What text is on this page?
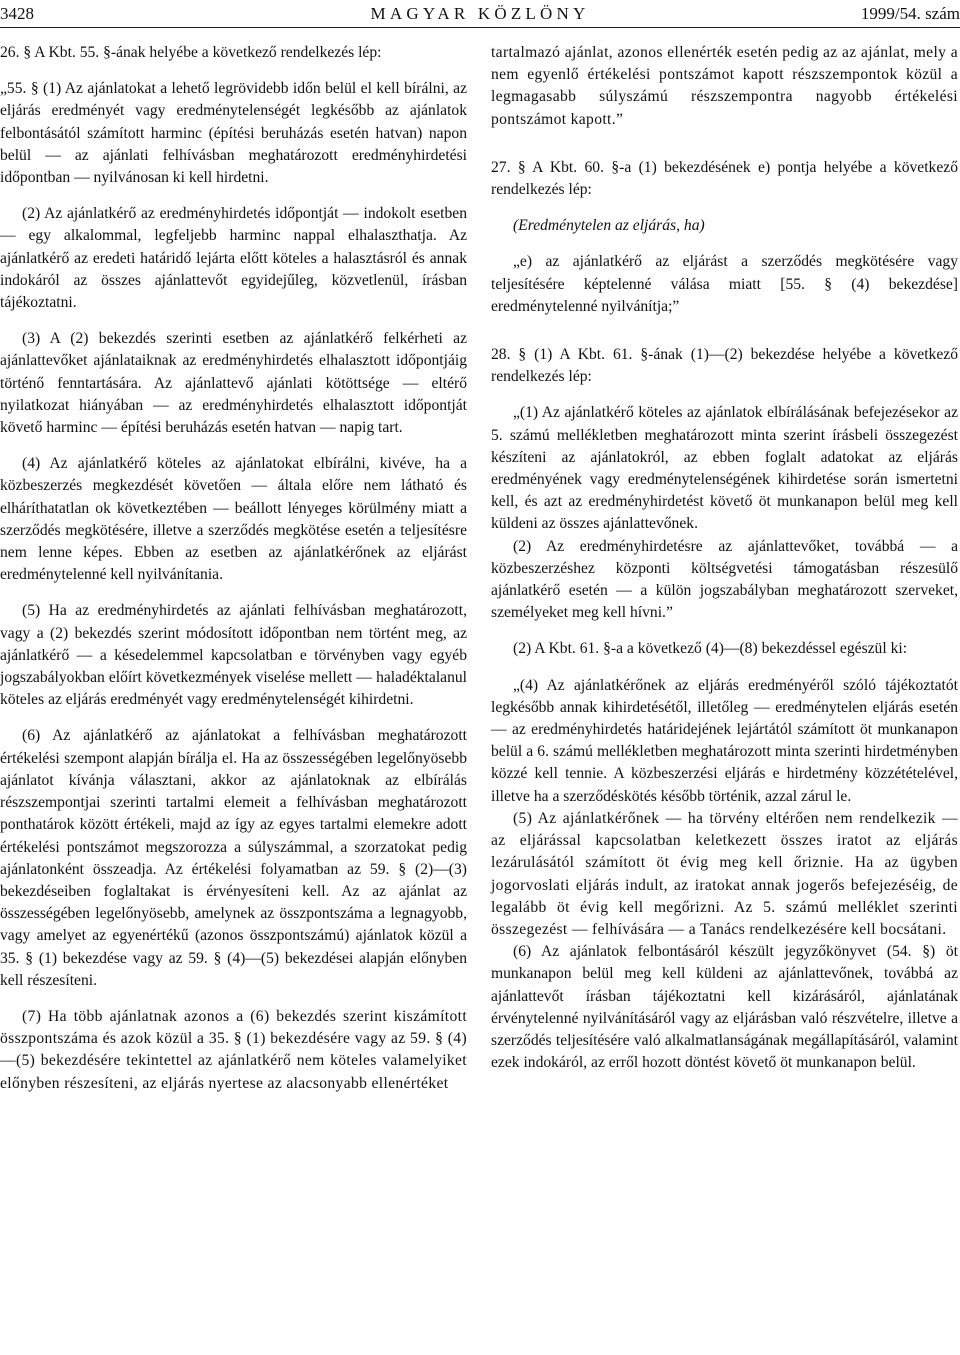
3428	MAGYAR KÖZLÖNY	1999/54. szám

26. § A Kbt. 55. §-ának helyébe a következő rendelkezés lép:

„55. § (1) Az ajánlatokat a lehető legrövidebb időn belül el kell bírálni, az eljárás eredményét vagy eredménytelenségét legkésőbb az ajánlatok felbontásától számított harminc (építési beruházás esetén hatvan) napon belül — az ajánlati felhívásban meghatározott eredményhirdetési időpontban — nyilvánosan ki kell hirdetni.

(2) Az ajánlatkérő az eredményhirdetés időpontját — indokolt esetben — egy alkalommal, legfeljebb harminc nappal elhalaszthatja. Az ajánlatkérő az eredeti határidő lejárta előtt köteles a halasztásról és annak indokáról az összes ajánlattevőt egyidejűleg, közvetlenül, írásban tájékoztatni.

(3) A (2) bekezdés szerinti esetben az ajánlatkérő felkérheti az ajánlattevőket ajánlataiknak az eredményhirdetés elhalasztott időpontjáig történő fenntartására. Az ajánlattevő ajánlati kötöttsége — eltérő nyilatkozat hiányában — az eredményhirdetés elhalasztott időpontját követő harminc — építési beruházás esetén hatvan — napig tart.

(4) Az ajánlatkérő köteles az ajánlatokat elbírálni, kivéve, ha a közbeszerzés megkezdését követően — általa előre nem látható és elháríthatatlan ok következtében — beállott lényeges körülmény miatt a szerződés megkötésére, illetve a szerződés megkötése esetén a teljesítésre nem lenne képes. Ebben az esetben az ajánlatkérőnek az eljárást eredménytelenné kell nyilvánítania.

(5) Ha az eredményhirdetés az ajánlati felhívásban meghatározott, vagy a (2) bekezdés szerint módosított időpontban nem történt meg, az ajánlatkérő — a késedelemmel kapcsolatban e törvényben vagy egyéb jogszabályokban előírt következmények viselése mellett — haladéktalanul köteles az eljárás eredményét vagy eredménytelenségét kihirdetni.

(6) Az ajánlatkérő az ajánlatokat a felhívásban meghatározott értékelési szempont alapján bírálja el. Ha az összességében legelőnyösebb ajánlatot kívánja választani, akkor az ajánlatoknak az elbírálás részszempontjai szerinti tartalmi elemeit a felhívásban meghatározott ponthatárok között értékeli, majd az így az egyes tartalmi elemekre adott értékelési pontszámot megszorozza a súlyszámmal, a szorzatokat pedig ajánlatonként összeadja. Az értékelési folyamatban az 59. § (2)—(3) bekezdéseiben foglaltakat is érvényesíteni kell. Az az ajánlat az összességében legelőnyösebb, amelynek az összpontszáma a legnagyobb, vagy amelyet az egyenértékű (azonos összpontszámú) ajánlatok közül a 35. § (1) bekezdése vagy az 59. § (4)—(5) bekezdései alapján előnyben kell részesíteni.

(7) Ha több ajánlatnak azonos a (6) bekezdés szerint kiszámított összpontszáma és azok közül a 35. § (1) bekezdésére vagy az 59. § (4)—(5) bekezdésére tekintettel az ajánlatkérő nem köteles valamelyiket előnyben részesíteni, az eljárás nyertese az alacsonyabb ellenértéket

tartalmazó ajánlat, azonos ellenérték esetén pedig az az ajánlat, mely a nem egyenlő értékelési pontszámot kapott részszempontok közül a legmagasabb súlyszámú részszempontra nagyobb értékelési pontszámot kapott.”

27. § A Kbt. 60. §-a (1) bekezdésének e) pontja helyébe a következő rendelkezés lép:

(Eredménytelen az eljárás, ha)

„e) az ajánlatkérő az eljárást a szerződés megkötésére vagy teljesítésére képtelenné válása miatt [55. § (4) bekezdése] eredménytelenné nyilvánítja;”

28. § (1) A Kbt. 61. §-ának (1)—(2) bekezdése helyébe a következő rendelkezés lép:

„(1) Az ajánlatkérő köteles az ajánlatok elbírálásának befejezésekor az 5. számú mellékletben meghatározott minta szerint írásbeli összegezést készíteni az ajánlatokról, az ebben foglalt adatokat az eljárás eredményének vagy eredménytelenségének kihirdetése során ismertetni kell, és azt az eredményhirdetést követő öt munkanapon belül meg kell küldeni az összes ajánlattevőnek.

(2) Az eredményhirdetésre az ajánlattevőket, továbbá — a közbeszerzéshez központi költségvetési támogatásban részesülő ajánlatkérő esetén — a külön jogszabályban meghatározott szerveket, személyeket meg kell hívni.”

(2) A Kbt. 61. §-a a következő (4)—(8) bekezdéssel egészül ki:

„(4) Az ajánlatkérőnek az eljárás eredményéről szóló tájékoztatót legkésőbb annak kihirdetésétől, illetőleg — eredménytelen eljárás esetén — az eredményhirdetés határidejének lejártától számított öt munkanapon belül a 6. számú mellékletben meghatározott minta szerinti hirdetményben közzé kell tennie. A közbeszerzési eljárás e hirdetmény közzétételével, illetve ha a szerződéskötés később történik, azzal zárul le.

(5) Az ajánlatkérőnek — ha törvény eltérően nem rendelkezik — az eljárással kapcsolatban keletkezett összes iratot az eljárás lezárulásától számított öt évig meg kell őriznie. Ha az ügyben jogorvoslati eljárás indult, az iratokat annak jogerős befejezéséig, de legalább öt évig kell megőrizni. Az 5. számú melléklet szerinti összegezést — felhívására — a Tanács rendelkezésére kell bocsátani.

(6) Az ajánlatok felbontásáról készült jegyzőkönyvet (54. §) öt munkanapon belül meg kell küldeni az ajánlattevőnek, továbbá az ajánlattevőt írásban tájékoztatni kell kizárásáról, ajánlatának érvénytelenné nyilvánításáról vagy az eljárásban való részvételre, illetve a szerződés teljesítésére való alkalmatlanságának megállapításáról, valamint ezek indokáról, az erről hozott döntést követő öt munkanapon belül.
